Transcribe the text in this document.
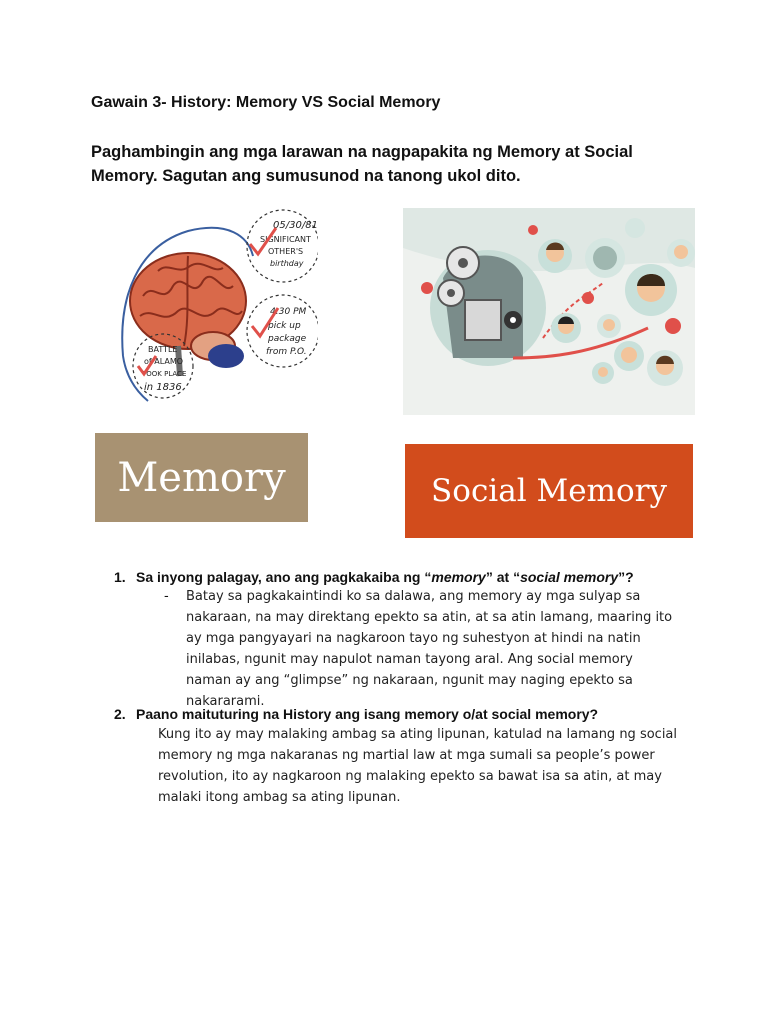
Gawain 3- History: Memory VS Social Memory

Paghambingin ang mga larawan na nagpapakita ng Memory at Social Memory. Sagutan ang sumusunod na tanong ukol dito.

05/30/81
SIGNIFICANT
OTHER'S
birthday
4:30 PM
pick up
package
from P.O.
BATTLE
of ALAMO
TOOK PLACE
in 1836
Memory	Social Memory

1. Sa inyong palagay, ano ang pagkakaiba ng “memory” at “social memory”?

- Batay sa pagkakaintindi ko sa dalawa, ang memory ay mga sulyap sa nakaraan, na may direktang epekto sa atin, at sa atin lamang, maaring ito ay mga pangyayari na nagkaroon tayo ng suhestyon at hindi na natin inilabas, ngunit may napulot naman tayong aral. Ang social memory naman ay ang “glimpse” ng nakaraan, ngunit may naging epekto sa nakararami.

2. Paano maituturing na History ang isang memory o/at social memory?

Kung ito ay may malaking ambag sa ating lipunan, katulad na lamang ng social memory ng mga nakaranas ng martial law at mga sumali sa people’s power revolution, ito ay nagkaroon ng malaking epekto sa bawat isa sa atin, at may malaki itong ambag sa ating lipunan.
